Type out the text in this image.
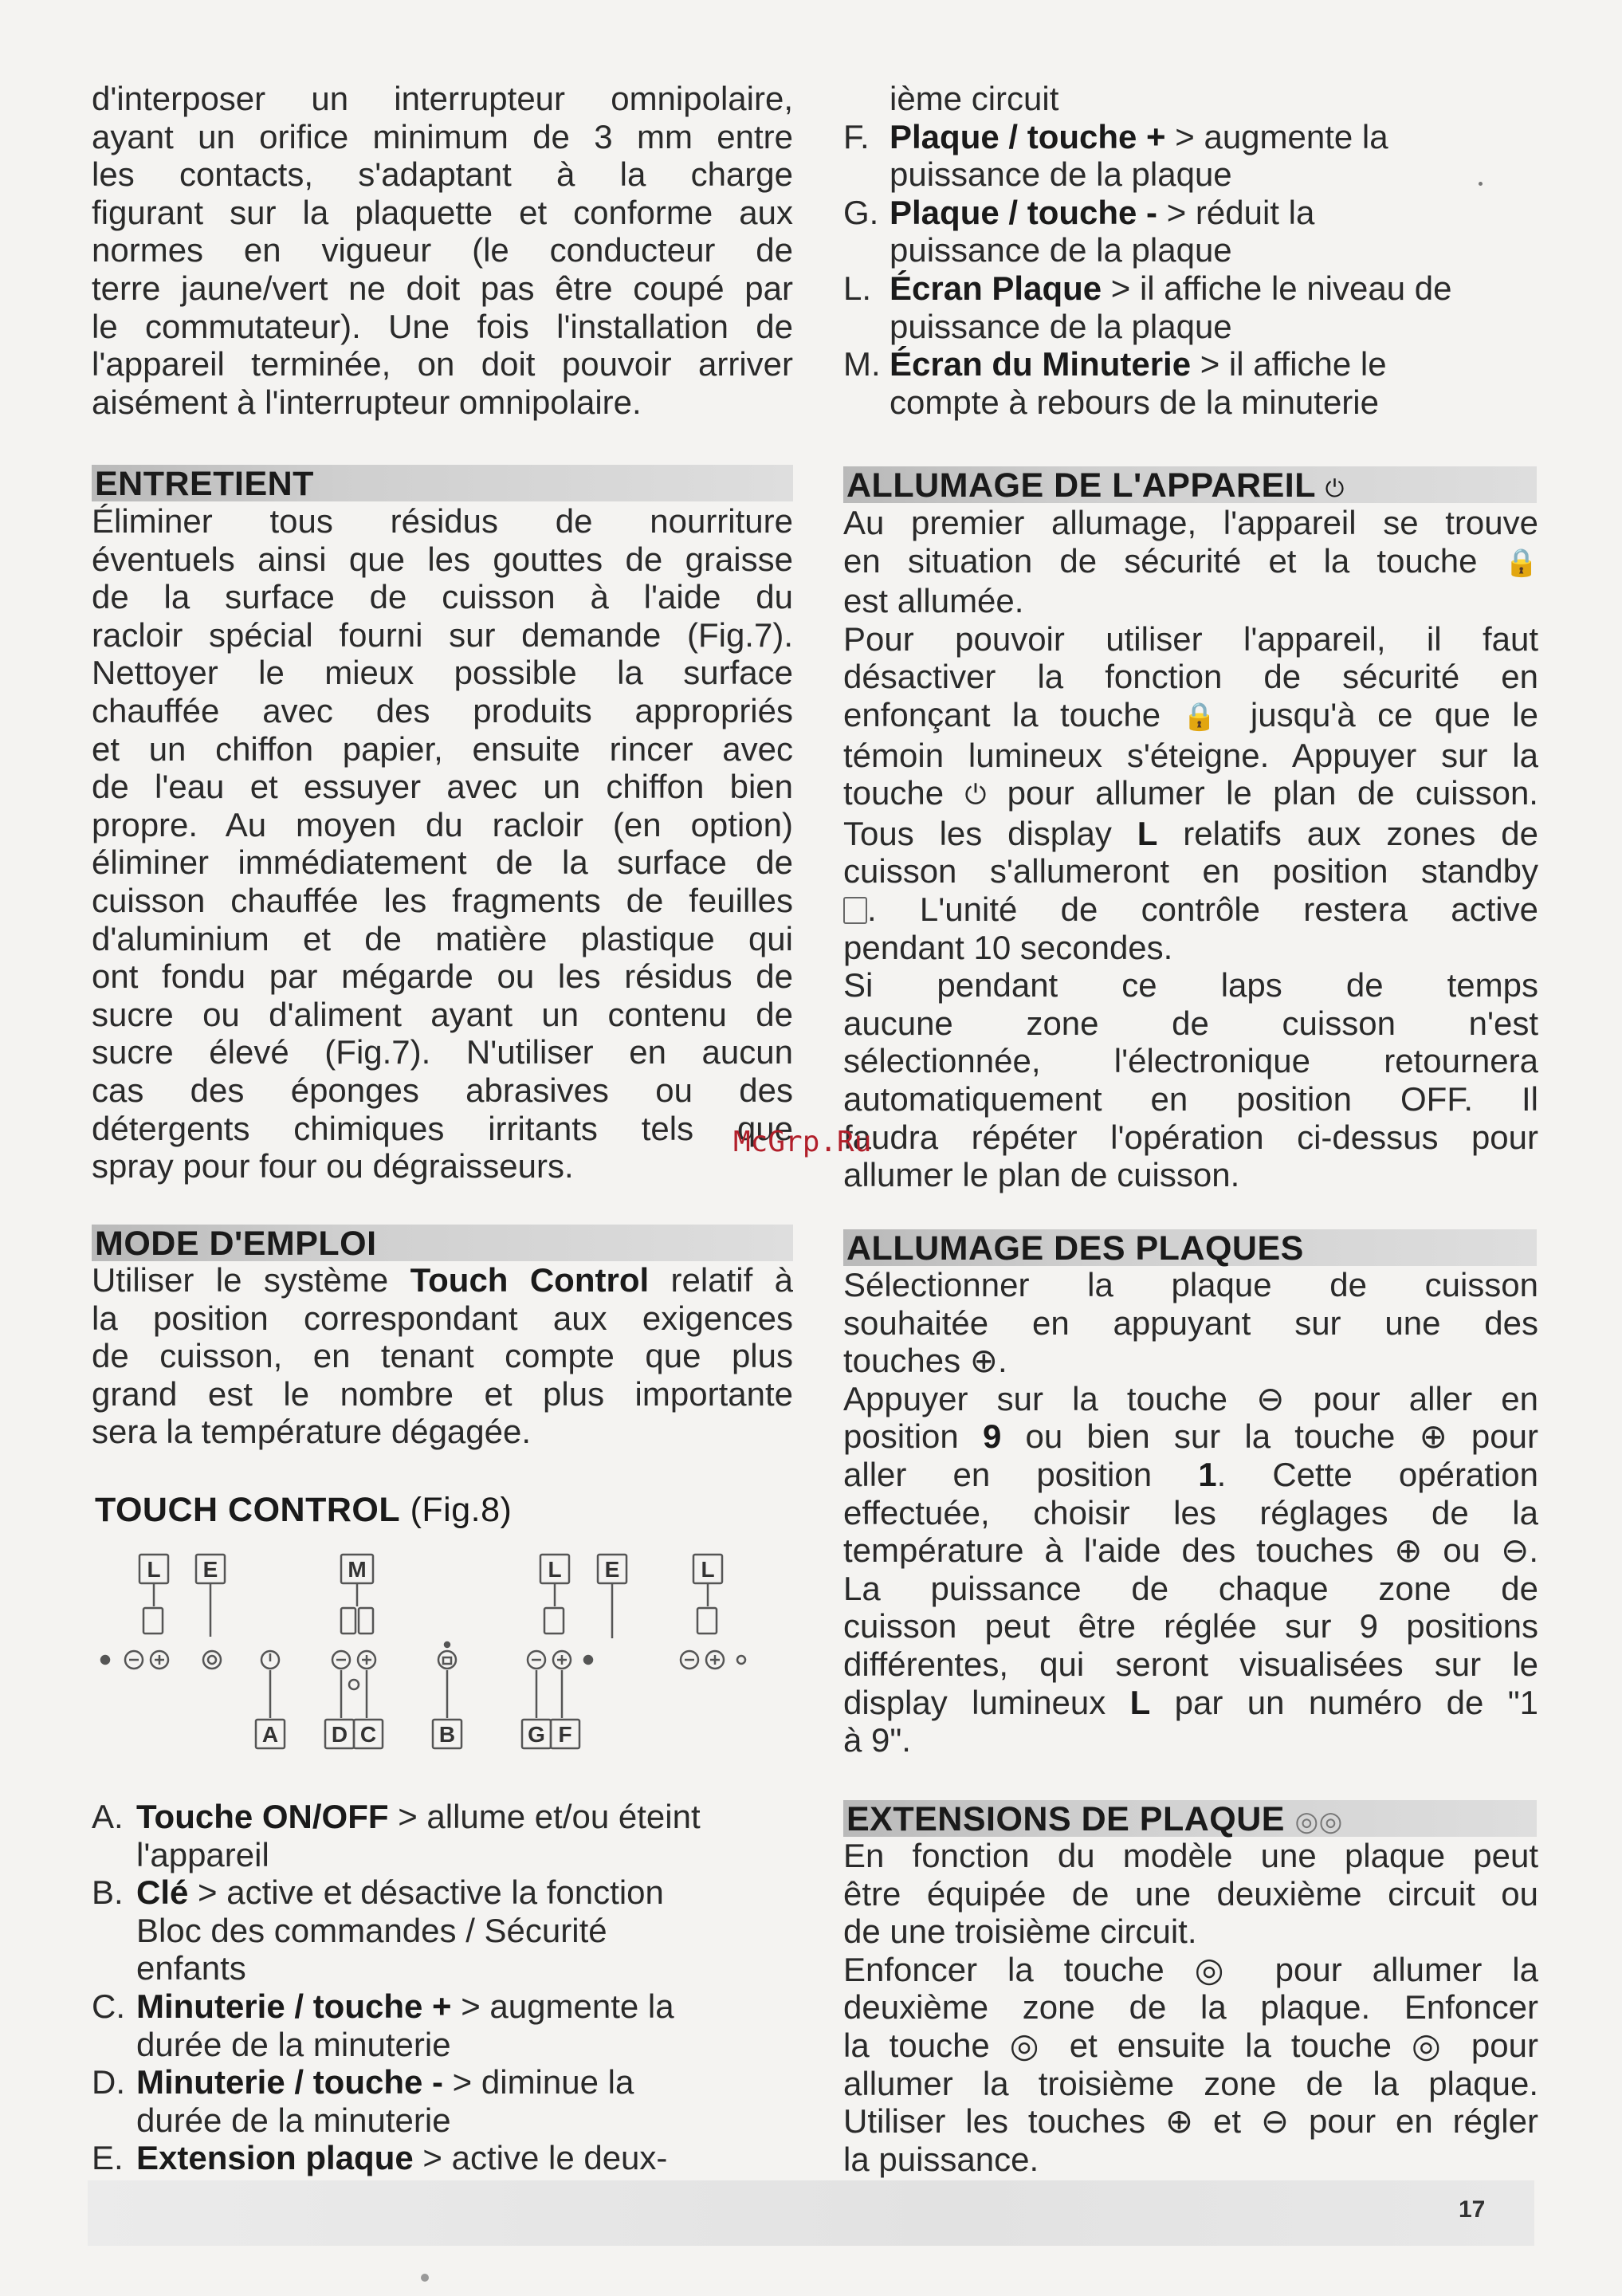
d'interposer un interrupteur omnipolaire,

ayant un orifice minimum de 3 mm entre

les contacts, s'adaptant à la charge

figurant sur la plaquette et conforme aux

normes en vigueur (le conducteur de

terre jaune/vert ne doit pas être coupé par

le commutateur). Une fois l'installation de

l'appareil terminée, on doit pouvoir arriver

aisément à l'interrupteur omnipolaire.

ENTRETIENT

Éliminer tous résidus de nourriture

éventuels ainsi que les gouttes de graisse

de la surface de cuisson à l'aide du

racloir spécial fourni sur demande (Fig.7).

Nettoyer le mieux possible la surface

chauffée avec des produits appropriés

et un chiffon papier, ensuite rincer avec

de l'eau et essuyer avec un chiffon bien

propre. Au moyen du racloir (en option)

éliminer immédiatement de la surface de

cuisson chauffée les fragments de feuilles

d'aluminium et de matière plastique qui

ont fondu par mégarde ou les résidus de

sucre ou d'aliment ayant un contenu de

sucre élevé (Fig.7). N'utiliser en aucun

cas des éponges abrasives ou des

détergents chimiques irritants tels que

spray pour four ou dégraisseurs.

MODE D'EMPLOI

Utiliser le système Touch Control relatif à

la position correspondant aux exigences

de cuisson, en tenant compte que plus

grand est le nombre et plus importante

sera la température dégagée.

TOUCH CONTROL (Fig.8)
L E	M	L E	L
A D C	B	G F
A. Touche ON/OFF > allume et/ou éteint
l'appareil
B. Clé > active et désactive la fonction
Bloc des commandes / Sécurité
enfants
C. Minuterie / touche + > augmente la
durée de la minuterie
D. Minuterie / touche - > diminue la
durée de la minuterie
E. Extension plaque > active le deux-

ième circuit

F. Plaque / touche + > augmente la
puissance de la plaque
G. Plaque / touche - > réduit la
puissance de la plaque
L. Écran Plaque > il affiche le niveau de
puissance de la plaque
M. Écran du Minuterie > il affiche le
compte à rebours de la minuterie
ALLUMAGE DE L'APPAREIL ⏻

Au premier allumage, l'appareil se trouve

en situation de sécurité et la touche 🔒

est allumée.

Pour pouvoir utiliser l'appareil, il faut

désactiver la fonction de sécurité en

enfonçant la touche 🔒 jusqu'à ce que le

témoin lumineux s'éteigne. Appuyer sur la

touche ⏻ pour allumer le plan de cuisson.

Tous les display L relatifs aux zones de

cuisson s'allumeront en position standby

. L'unité de contrôle restera active

pendant 10 secondes.

Si pendant ce laps de temps

aucune zone de cuisson n'est

sélectionnée, l'électronique retournera

automatiquement en position OFF. Il

faudra répéter l'opération ci-dessus pour

allumer le plan de cuisson.

ALLUMAGE DES PLAQUES

Sélectionner la plaque de cuisson

souhaitée en appuyant sur une des

touches ⊕.

Appuyer sur la touche ⊖ pour aller en

position 9 ou bien sur la touche ⊕ pour

aller en position 1. Cette opération

effectuée, choisir les réglages de la

température à l'aide des touches ⊕ ou ⊖.

La puissance de chaque zone de

cuisson peut être réglée sur 9 positions

différentes, qui seront visualisées sur le

display lumineux L par un numéro de "1

à 9".

EXTENSIONS DE PLAQUE ◎◎

En fonction du modèle une plaque peut

être équipée de une deuxième circuit ou

de une troisième circuit.

Enfoncer la touche ◎ pour allumer la

deuxième zone de la plaque. Enfoncer

la touche ◎ et ensuite la touche ◎ pour

allumer la troisième zone de la plaque.

Utiliser les touches ⊕ et ⊖ pour en régler

la puissance.

McGrp.Ru
17
